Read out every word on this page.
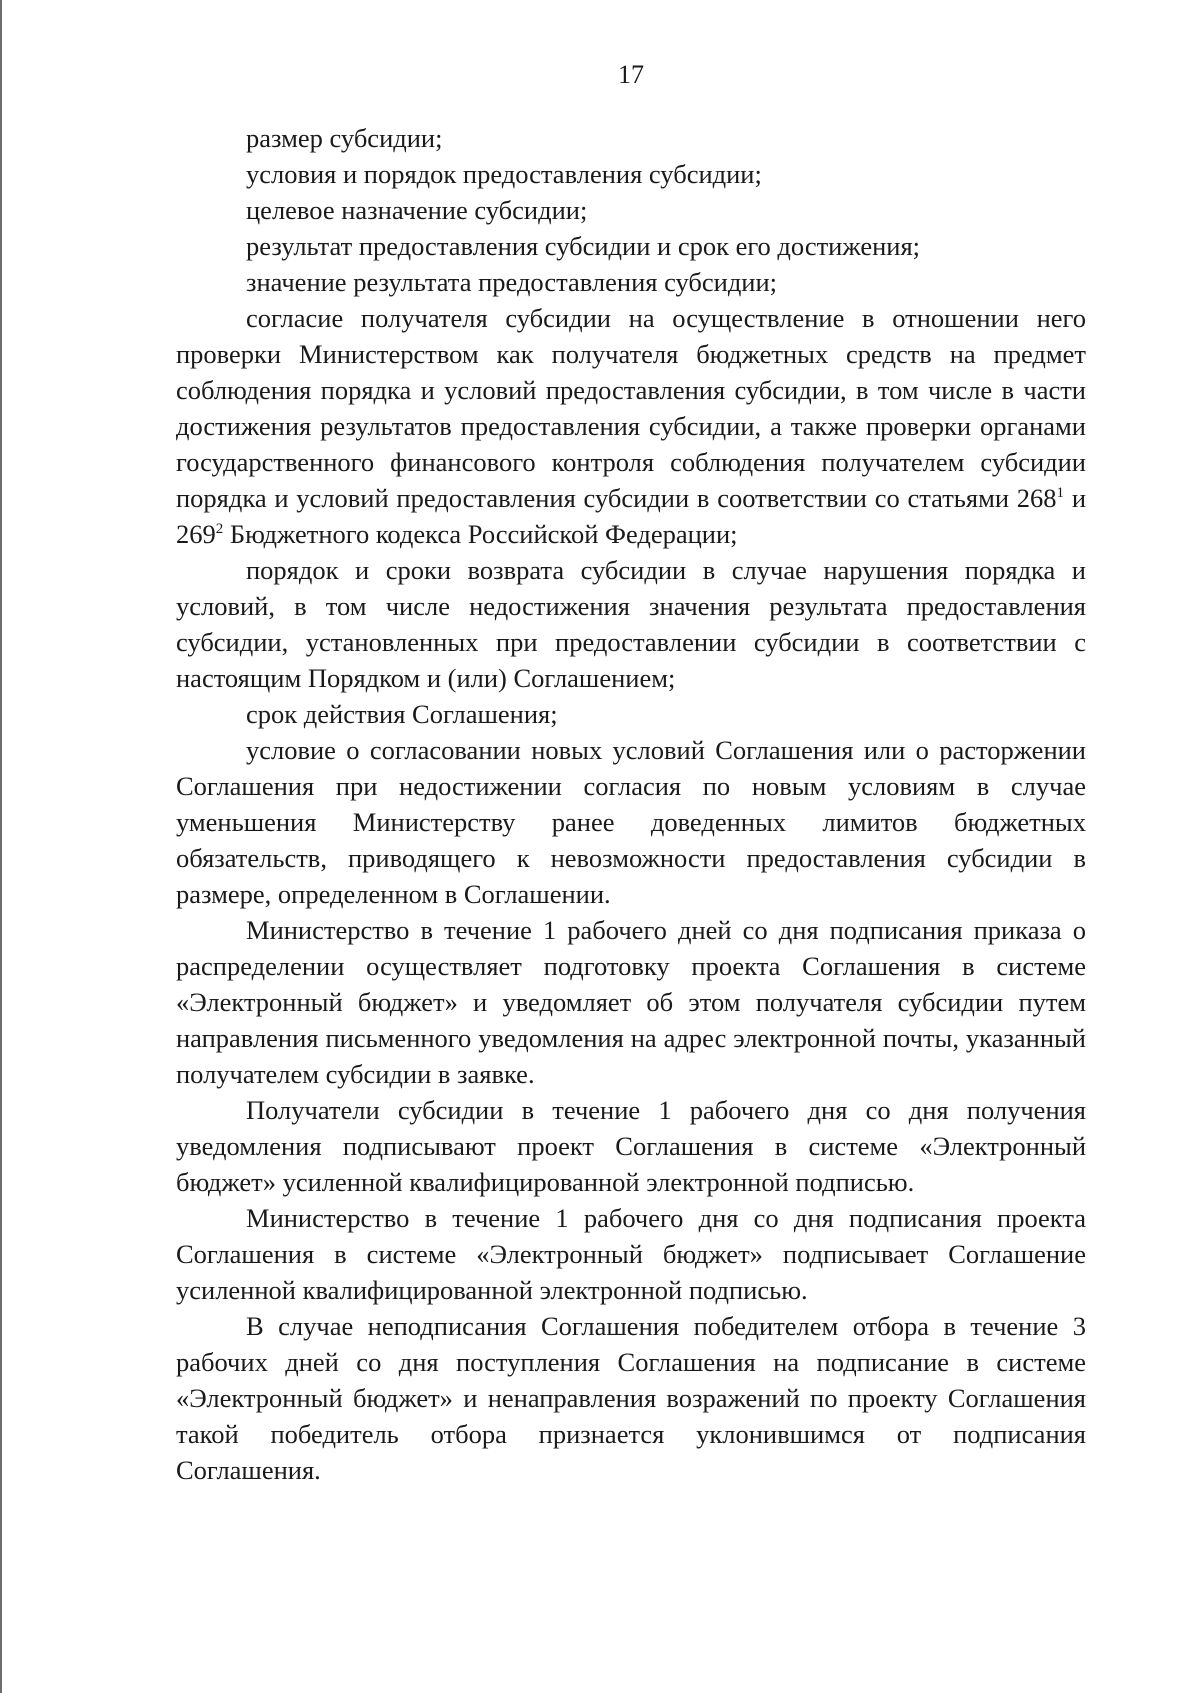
17

размер субсидии;

условия и порядок предоставления субсидии;

целевое назначение субсидии;

результат предоставления субсидии и срок его достижения;

значение результата предоставления субсидии;

согласие получателя субсидии на осуществление в отношении него проверки Министерством как получателя бюджетных средств на предмет соблюдения порядка и условий предоставления субсидии, в том числе в части достижения результатов предоставления субсидии, а также проверки органами государственного финансового контроля соблюдения получателем субсидии порядка и условий предоставления субсидии в соответствии со статьями $268^1$ и $269^2$ Бюджетного кодекса Российской Федерации;

порядок и сроки возврата субсидии в случае нарушения порядка и условий, в том числе недостижения значения результата предоставления субсидии, установленных при предоставлении субсидии в соответствии с настоящим Порядком и (или) Соглашением;

срок действия Соглашения;

условие о согласовании новых условий Соглашения или о расторжении Соглашения при недостижении согласия по новым условиям в случае уменьшения Министерству ранее доведенных лимитов бюджетных обязательств, приводящего к невозможности предоставления субсидии в размере, определенном в Соглашении.

Министерство в течение 1 рабочего дней со дня подписания приказа о распределении осуществляет подготовку проекта Соглашения в системе «Электронный бюджет» и уведомляет об этом получателя субсидии путем направления письменного уведомления на адрес электронной почты, указанный получателем субсидии в заявке.

Получатели субсидии в течение 1 рабочего дня со дня получения уведомления подписывают проект Соглашения в системе «Электронный бюджет» усиленной квалифицированной электронной подписью.

Министерство в течение 1 рабочего дня со дня подписания проекта Соглашения в системе «Электронный бюджет» подписывает Соглашение усиленной квалифицированной электронной подписью.

В случае неподписания Соглашения победителем отбора в течение 3 рабочих дней со дня поступления Соглашения на подписание в системе «Электронный бюджет» и ненаправления возражений по проекту Соглашения такой победитель отбора признается уклонившимся от подписания Соглашения.
